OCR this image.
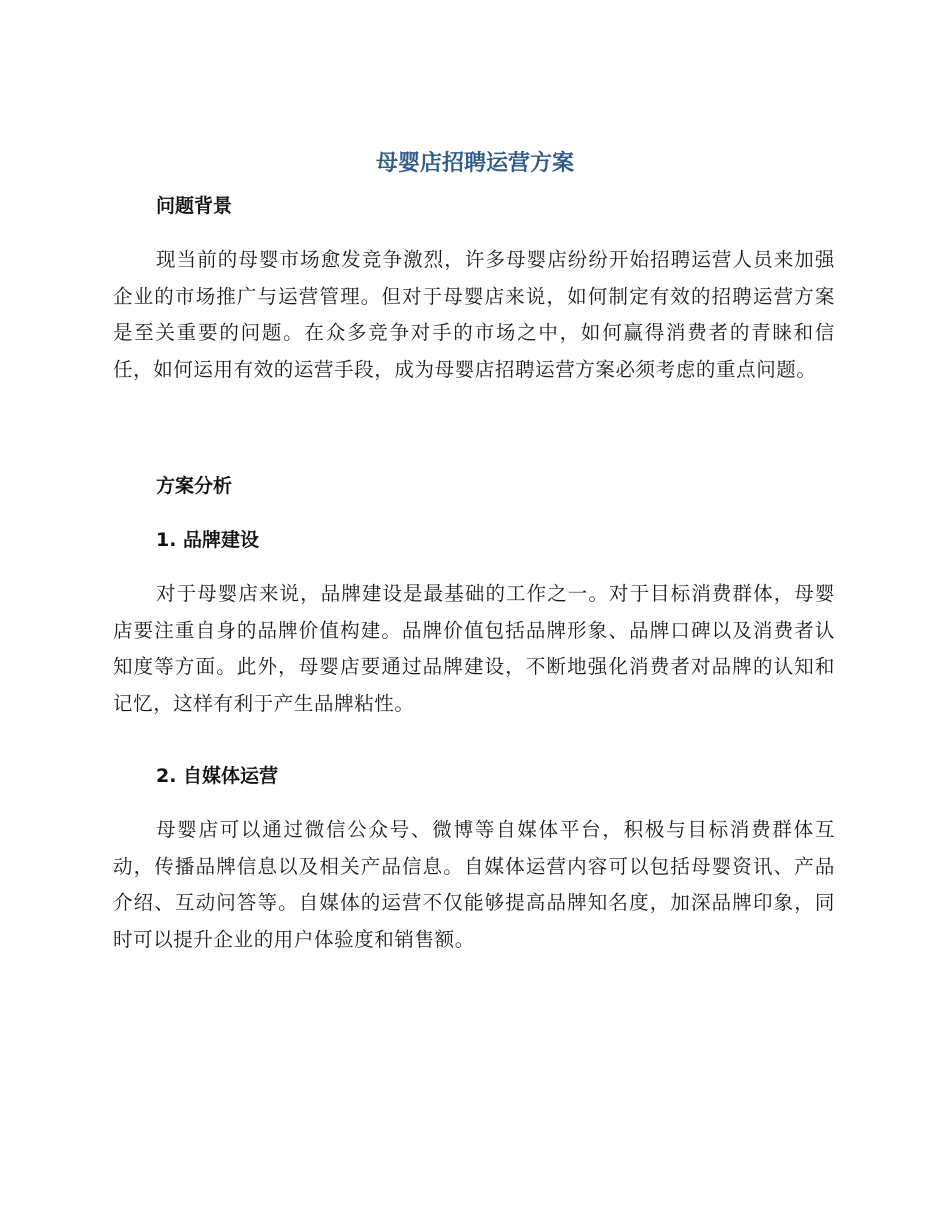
母婴店招聘运营方案
问题背景

现当前的母婴市场愈发竞争激烈，许多母婴店纷纷开始招聘运营人员来加强企业的市场推广与运营管理。但对于母婴店来说，如何制定有效的招聘运营方案是至关重要的问题。在众多竞争对手的市场之中，如何赢得消费者的青睐和信任，如何运用有效的运营手段，成为母婴店招聘运营方案必须考虑的重点问题。

方案分析
1. 品牌建设

对于母婴店来说，品牌建设是最基础的工作之一。对于目标消费群体，母婴店要注重自身的品牌价值构建。品牌价值包括品牌形象、品牌口碑以及消费者认知度等方面。此外，母婴店要通过品牌建设，不断地强化消费者对品牌的认知和记忆，这样有利于产生品牌粘性。

2. 自媒体运营

母婴店可以通过微信公众号、微博等自媒体平台，积极与目标消费群体互动，传播品牌信息以及相关产品信息。自媒体运营内容可以包括母婴资讯、产品介绍、互动问答等。自媒体的运营不仅能够提高品牌知名度，加深品牌印象，同时可以提升企业的用户体验度和销售额。
